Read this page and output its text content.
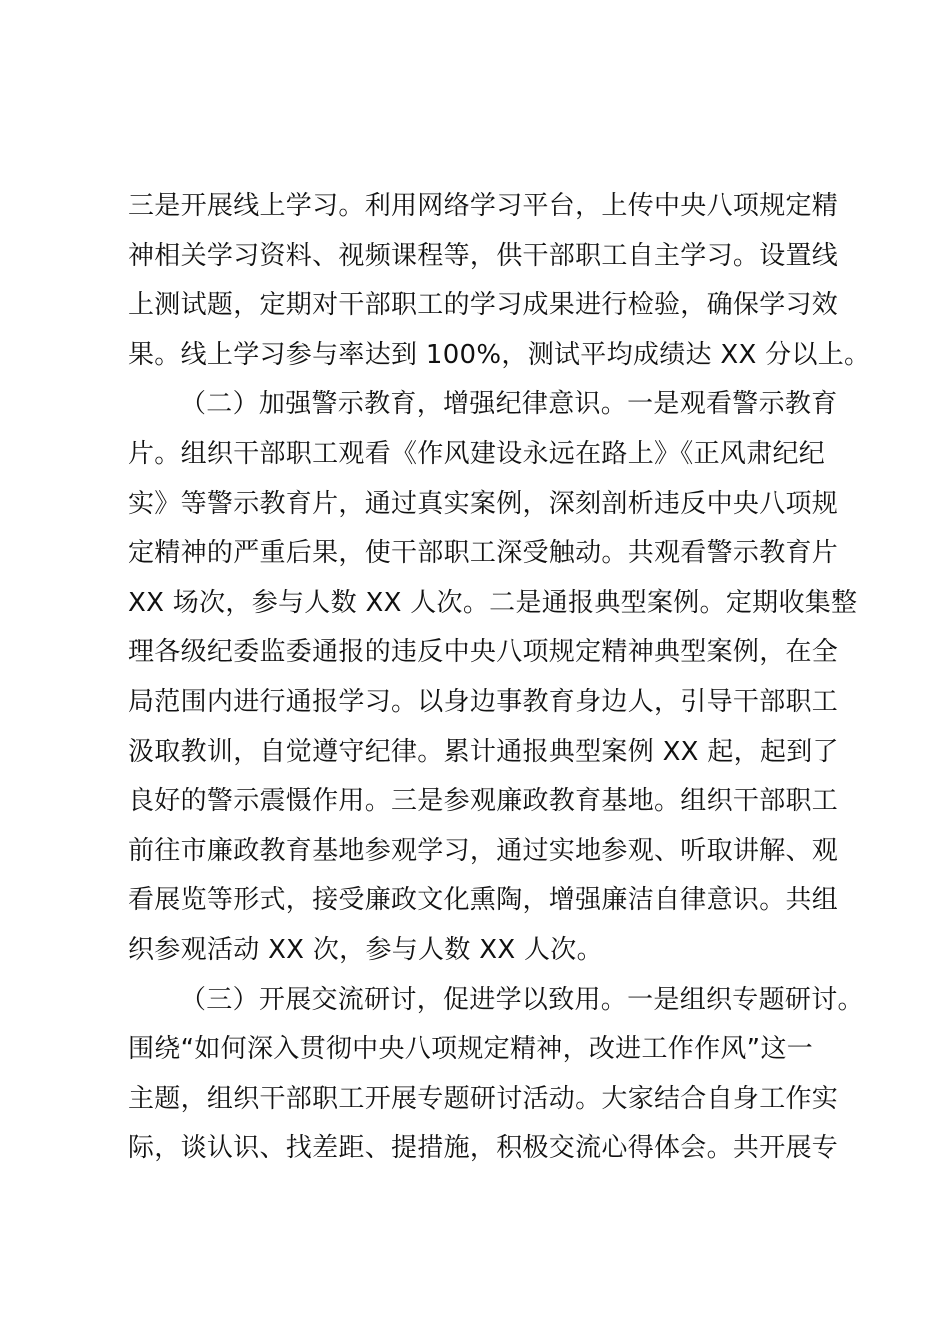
三是开展线上学习。利用网络学习平台，上传中央八项规定精
神相关学习资料、视频课程等，供干部职工自主学习。设置线
上测试题，定期对干部职工的学习成果进行检验，确保学习效
果。线上学习参与率达到 100%，测试平均成绩达 XX 分以上。
（二）加强警示教育，增强纪律意识。一是观看警示教育
片。组织干部职工观看《作风建设永远在路上》《正风肃纪纪
实》等警示教育片，通过真实案例，深刻剖析违反中央八项规
定精神的严重后果，使干部职工深受触动。共观看警示教育片
XX 场次，参与人数 XX 人次。二是通报典型案例。定期收集整
理各级纪委监委通报的违反中央八项规定精神典型案例，在全
局范围内进行通报学习。以身边事教育身边人，引导干部职工
汲取教训，自觉遵守纪律。累计通报典型案例 XX 起，起到了
良好的警示震慑作用。三是参观廉政教育基地。组织干部职工
前往市廉政教育基地参观学习，通过实地参观、听取讲解、观
看展览等形式，接受廉政文化熏陶，增强廉洁自律意识。共组
织参观活动 XX 次，参与人数 XX 人次。
（三）开展交流研讨，促进学以致用。一是组织专题研讨。
围绕“如何深入贯彻中央八项规定精神，改进工作作风”这一
主题，组织干部职工开展专题研讨活动。大家结合自身工作实
际，谈认识、找差距、提措施，积极交流心得体会。共开展专
